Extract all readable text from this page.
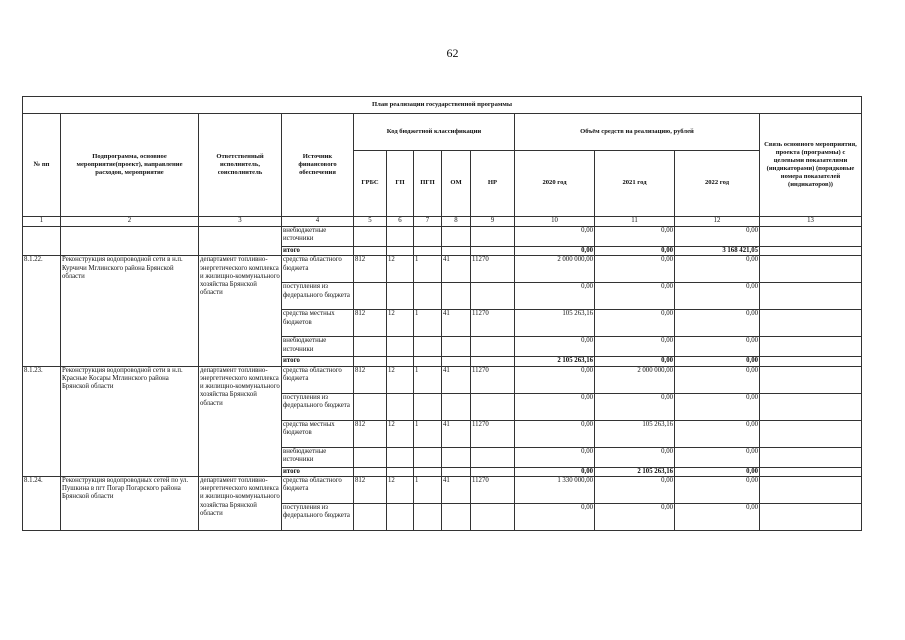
62
План реализации государственной программы												
№ пп	Подпрограмма, основное мероприятие(проект), направление расходов, мероприятие	Ответственный исполнитель, соисполнитель	Источник финансового обеспечения	Код бюджетной классификации					Объём средств на реализацию, рублей			Связь основного мероприятия, проекта (программы) с целевыми показателями (индикаторами) (порядковые номера показателей (индикаторов))
				ГРБС	ГП	ПГП	ОМ	НР	2020 год	2021 год	2022 год	
1	2	3	4	5	6	7	8	9	10	11	12	13
			внебюджетные источники						0,00	0,00	0,00	
			итого						0,00	0,00	3 168 421,05	
8.1.22.	Реконструкция водопроводной сети в н.п. Курчичи Мглинского района Брянской области	департамент топливно-энергетического комплекса и жилищно-коммунального хозяйства Брянской области	средства областного бюджета	812	12	1	41	11270	2 000 000,00	0,00	0,00	
			поступления из федерального бюджета						0,00	0,00	0,00	
			средства местных бюджетов	812	12	1	41	11270	105 263,16	0,00	0,00	
			внебюджетные источники						0,00	0,00	0,00	
			итого						2 105 263,16	0,00	0,00	
8.1.23.	Реконструкция водопроводной сети в н.п. Красные Косары Мглинского района Брянской области	департамент топливно-энергетического комплекса и жилищно-коммунального хозяйства Брянской области	средства областного бюджета	812	12	1	41	11270	0,00	2 000 000,00	0,00	
			поступления из федерального бюджета						0,00	0,00	0,00	
			средства местных бюджетов	812	12	1	41	11270	0,00	105 263,16	0,00	
			внебюджетные источники						0,00	0,00	0,00	
			итого						0,00	2 105 263,16	0,00	
8.1.24.	Реконструкция водопроводных сетей по ул. Пушкина в пгт Погар Погарского района Брянской области	департамент топливно-энергетического комплекса и жилищно-коммунального хозяйства Брянской области	средства областного бюджета	812	12	1	41	11270	1 330 000,00	0,00	0,00	
			поступления из федерального бюджета						0,00	0,00	0,00	
